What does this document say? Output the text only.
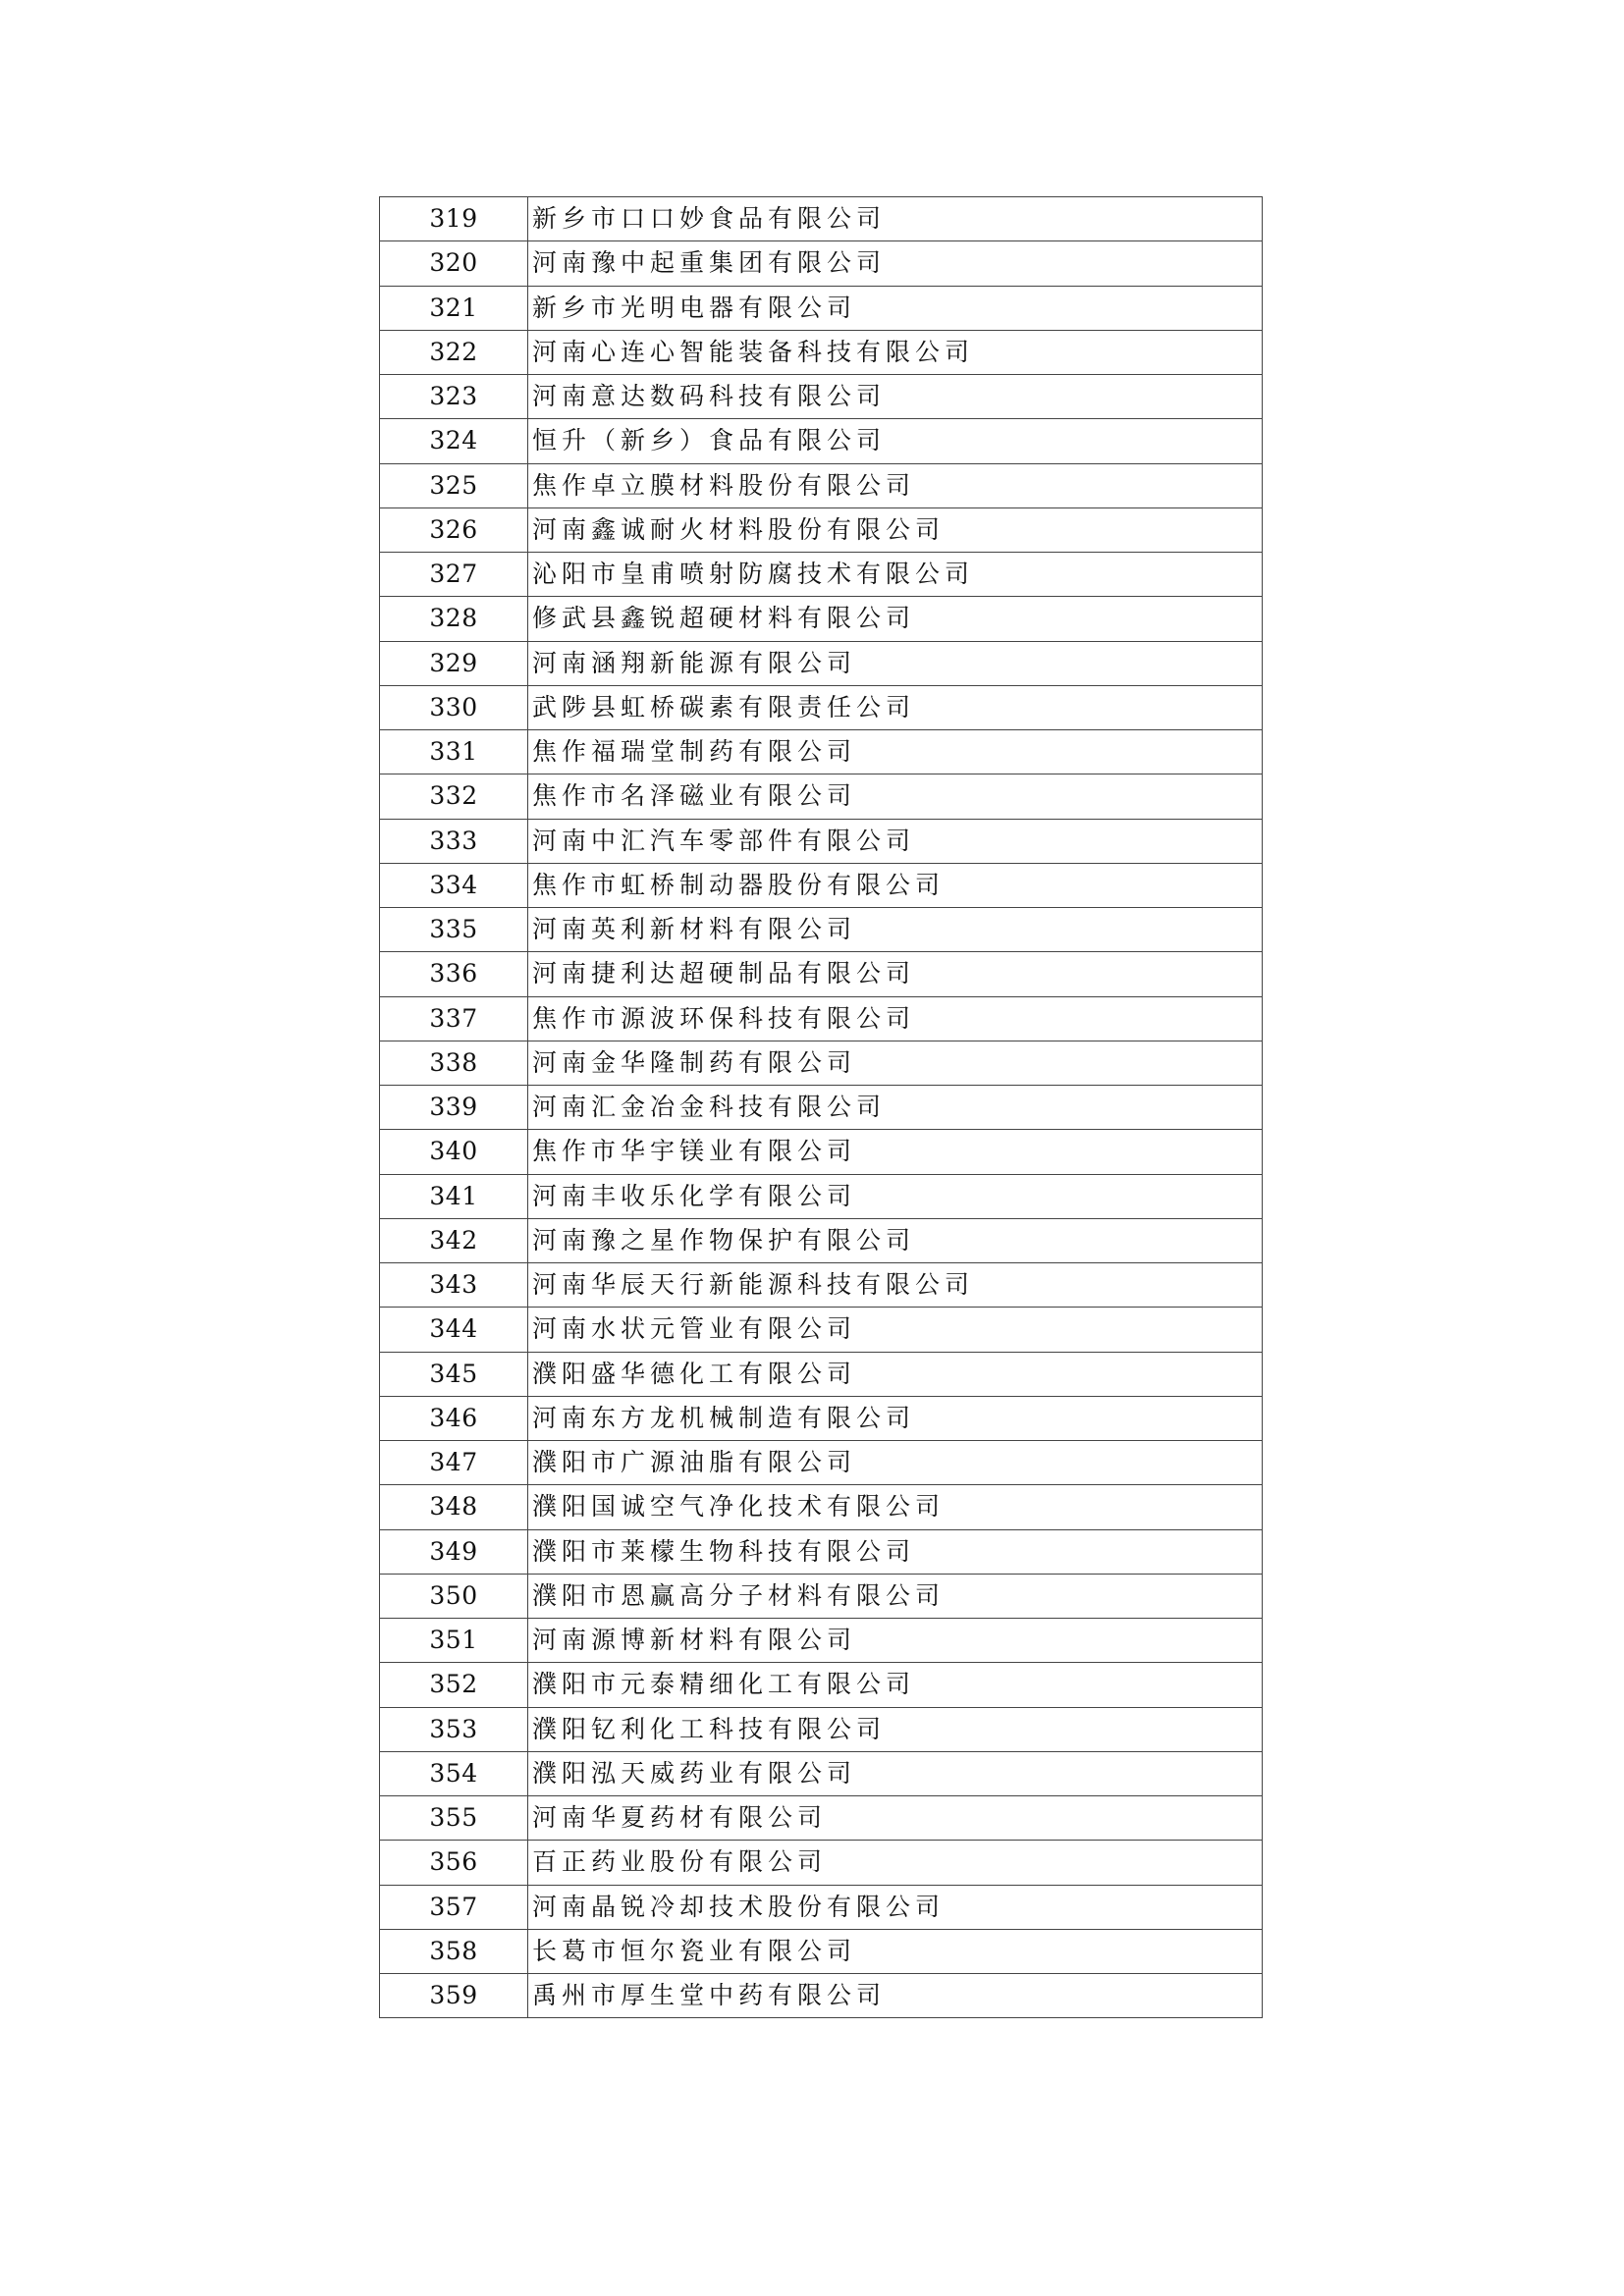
319	新乡市口口妙食品有限公司
320	河南豫中起重集团有限公司
321	新乡市光明电器有限公司
322	河南心连心智能装备科技有限公司
323	河南意达数码科技有限公司
324	恒升（新乡）食品有限公司
325	焦作卓立膜材料股份有限公司
326	河南鑫诚耐火材料股份有限公司
327	沁阳市皇甫喷射防腐技术有限公司
328	修武县鑫锐超硬材料有限公司
329	河南涵翔新能源有限公司
330	武陟县虹桥碳素有限责任公司
331	焦作福瑞堂制药有限公司
332	焦作市名泽磁业有限公司
333	河南中汇汽车零部件有限公司
334	焦作市虹桥制动器股份有限公司
335	河南英利新材料有限公司
336	河南捷利达超硬制品有限公司
337	焦作市源波环保科技有限公司
338	河南金华隆制药有限公司
339	河南汇金冶金科技有限公司
340	焦作市华宇镁业有限公司
341	河南丰收乐化学有限公司
342	河南豫之星作物保护有限公司
343	河南华辰天行新能源科技有限公司
344	河南水状元管业有限公司
345	濮阳盛华德化工有限公司
346	河南东方龙机械制造有限公司
347	濮阳市广源油脂有限公司
348	濮阳国诚空气净化技术有限公司
349	濮阳市莱檬生物科技有限公司
350	濮阳市恩赢高分子材料有限公司
351	河南源博新材料有限公司
352	濮阳市元泰精细化工有限公司
353	濮阳钇利化工科技有限公司
354	濮阳泓天威药业有限公司
355	河南华夏药材有限公司
356	百正药业股份有限公司
357	河南晶锐冷却技术股份有限公司
358	长葛市恒尔瓷业有限公司
359	禹州市厚生堂中药有限公司
